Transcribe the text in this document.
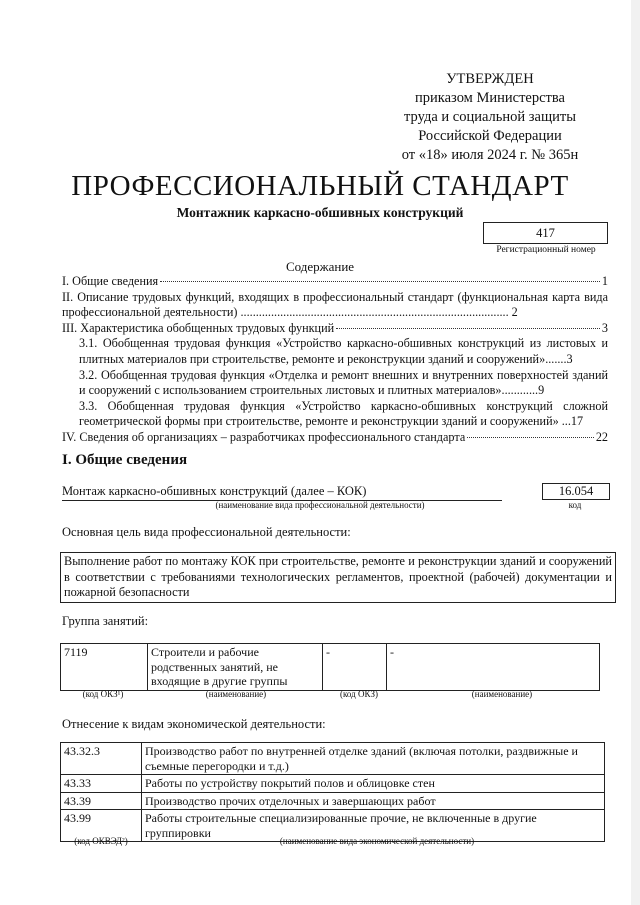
УТВЕРЖДЕН
приказом Министерства
труда и социальной защиты
Российской Федерации
от «18» июля 2024 г. № 365н
ПРОФЕССИОНАЛЬНЫЙ СТАНДАРТ
Монтажник каркасно-обшивных конструкций
417
Регистрационный номер
Содержание
I. Общие сведения	1
II. Описание трудовых функций, входящих в профессиональный стандарт (функциональная карта вида профессиональной деятельности) ........................................................................................ 2
III. Характеристика обобщенных трудовых функций	3
3.1. Обобщенная трудовая функция «Устройство каркасно-обшивных конструкций из листовых и плитных материалов при строительстве, ремонте и реконструкции зданий и сооружений».......3
3.2. Обобщенная трудовая функция «Отделка и ремонт внешних и внутренних поверхностей зданий и сооружений с использованием строительных листовых и плитных материалов»............9
3.3. Обобщенная трудовая функция «Устройство каркасно-обшивных конструкций сложной геометрической формы при строительстве, ремонте и реконструкции зданий и сооружений» ...17
IV. Сведения об организациях – разработчиках профессионального стандарта	22
I. Общие сведения
Монтаж каркасно-обшивных конструкций (далее – КОК)
(наименование вида профессиональной деятельности)
16.054
код
Основная цель вида профессиональной деятельности:
Выполнение работ по монтажу КОК при строительстве, ремонте и реконструкции зданий и сооружений в соответствии с требованиями технологических регламентов, проектной (рабочей) документации и пожарной безопасности
Группа занятий:
7119	Строители и рабочие родственных занятий, не входящие в другие группы	-	-
(код ОКЗ¹)	(наименование)	(код ОКЗ)	(наименование)
Отнесение к видам экономической деятельности:
43.32.3	Производство работ по внутренней отделке зданий (включая потолки, раздвижные и съемные перегородки и т.д.)
43.33	Работы по устройству покрытий полов и облицовке стен
43.39	Производство прочих отделочных и завершающих работ
43.99	Работы строительные специализированные прочие, не включенные в другие группировки
(код ОКВЭД²)	(наименование вида экономической деятельности)
